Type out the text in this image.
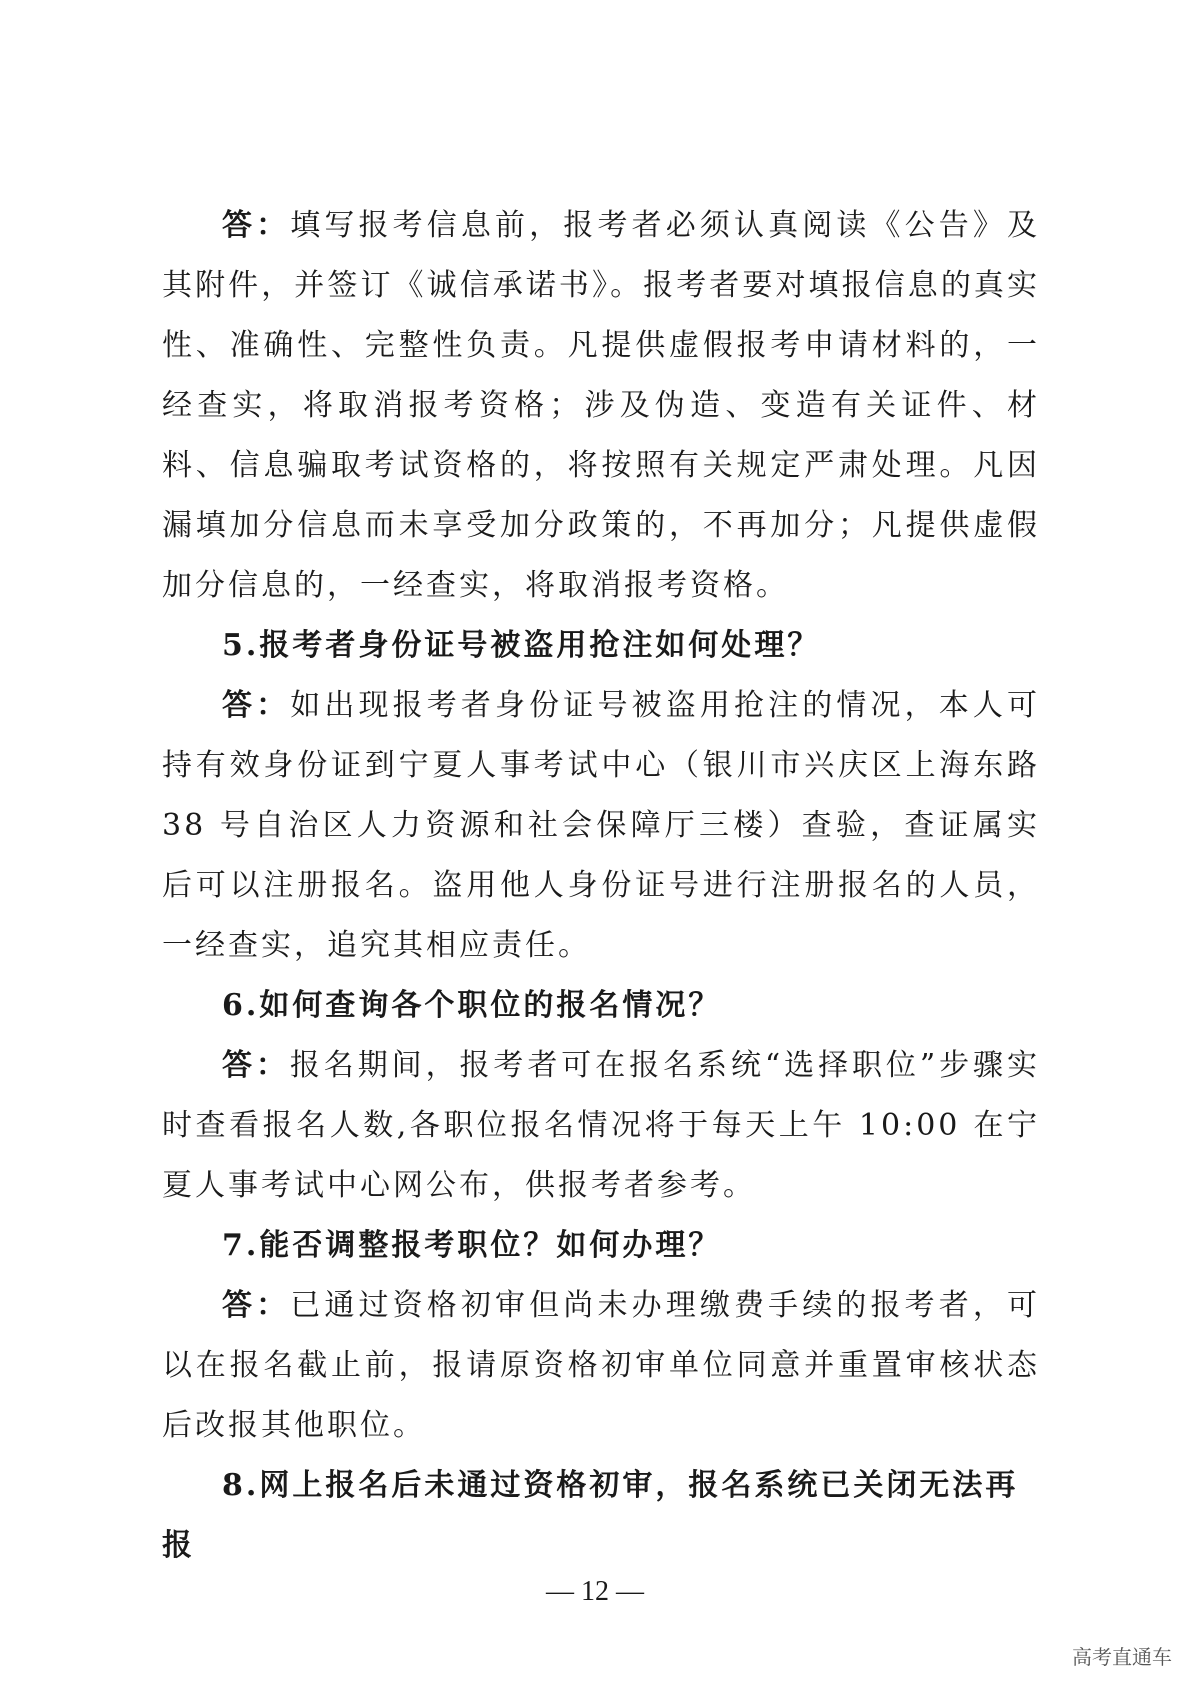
答：填写报考信息前，报考者必须认真阅读《公告》及其附件，并签订《诚信承诺书》。报考者要对填报信息的真实性、准确性、完整性负责。凡提供虚假报考申请材料的，一经查实，将取消报考资格；涉及伪造、变造有关证件、材料、信息骗取考试资格的，将按照有关规定严肃处理。凡因漏填加分信息而未享受加分政策的，不再加分；凡提供虚假加分信息的，一经查实，将取消报考资格。

5.报考者身份证号被盗用抢注如何处理？

答：如出现报考者身份证号被盗用抢注的情况，本人可持有效身份证到宁夏人事考试中心（银川市兴庆区上海东路 38 号自治区人力资源和社会保障厅三楼）查验，查证属实后可以注册报名。盗用他人身份证号进行注册报名的人员，一经查实，追究其相应责任。

6.如何查询各个职位的报名情况？

答：报名期间，报考者可在报名系统“选择职位”步骤实时查看报名人数,各职位报名情况将于每天上午 10:00 在宁夏人事考试中心网公布，供报考者参考。

7.能否调整报考职位？如何办理？

答：已通过资格初审但尚未办理缴费手续的报考者，可以在报名截止前，报请原资格初审单位同意并重置审核状态后改报其他职位。

8.网上报名后未通过资格初审，报名系统已关闭无法再报

— 12 —
高考直通车
